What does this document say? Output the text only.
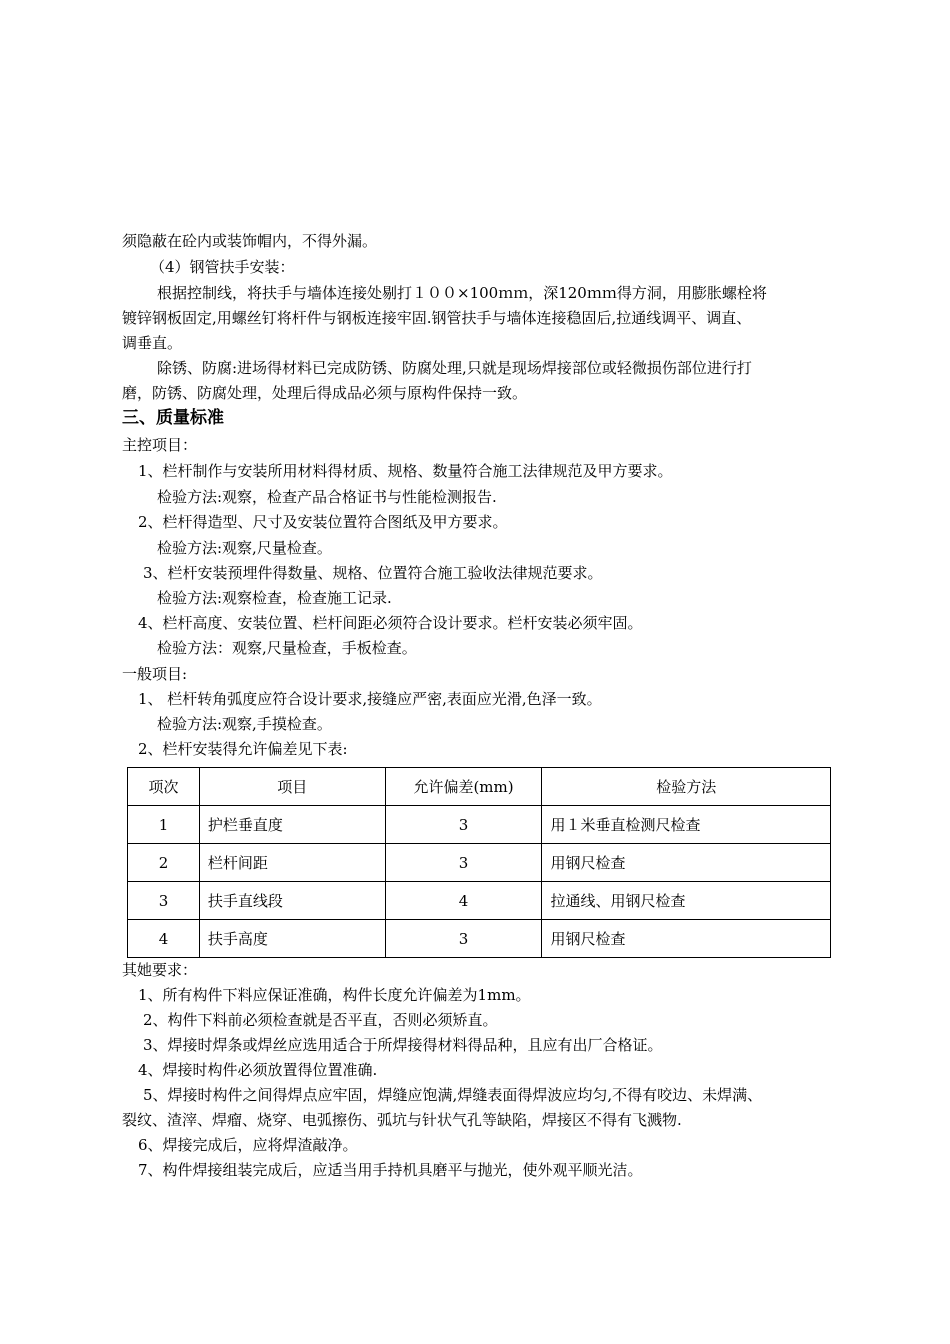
须隐蔽在砼内或装饰帽内，不得外漏。
（4）钢管扶手安装：
根据控制线，将扶手与墙体连接处剔打１００×100ｍｍ，深120ｍｍ得方洞，用膨胀螺栓将
镀锌钢板固定,用螺丝钉将杆件与钢板连接牢固.钢管扶手与墙体连接稳固后,拉通线调平、调直、
调垂直。
除锈、防腐:进场得材料已完成防锈、防腐处理,只就是现场焊接部位或轻微损伤部位进行打
磨，防锈、防腐处理，处理后得成品必须与原构件保持一致。
三、质量标准
主控项目：
1、栏杆制作与安装所用材料得材质、规格、数量符合施工法律规范及甲方要求。
检验方法:观察，检查产品合格证书与性能检测报告.
2、栏杆得造型、尺寸及安装位置符合图纸及甲方要求。
检验方法:观察,尺量检查。
3、栏杆安装预埋件得数量、规格、位置符合施工验收法律规范要求。
检验方法:观察检查，检查施工记录.
4、栏杆高度、安装位置、栏杆间距必须符合设计要求。栏杆安装必须牢固。
检验方法：观察,尺量检查，手板检查。
一般项目:
1、 栏杆转角弧度应符合设计要求,接缝应严密,表面应光滑,色泽一致。
检验方法:观察,手摸检查。
2、栏杆安装得允许偏差见下表:
项次	项目	允许偏差(mm)	检验方法
1	护栏垂直度	3	用１米垂直检测尺检查
2	栏杆间距	3	用钢尺检查
3	扶手直线段	4	拉通线、用钢尺检查
4	扶手高度	3	用钢尺检查
其她要求：
1、所有构件下料应保证准确，构件长度允许偏差为1mm。
2、构件下料前必须检查就是否平直，否则必须矫直。
3、焊接时焊条或焊丝应选用适合于所焊接得材料得品种，且应有出厂合格证。
4、焊接时构件必须放置得位置准确.
5、焊接时构件之间得焊点应牢固，焊缝应饱满,焊缝表面得焊波应均匀,不得有咬边、未焊满、
裂纹、渣滓、焊瘤、烧穿、电弧擦伤、弧坑与针状气孔等缺陷，焊接区不得有飞溅物.
6、焊接完成后，应将焊渣敲净。
7、构件焊接组装完成后，应适当用手持机具磨平与抛光，使外观平顺光洁。
